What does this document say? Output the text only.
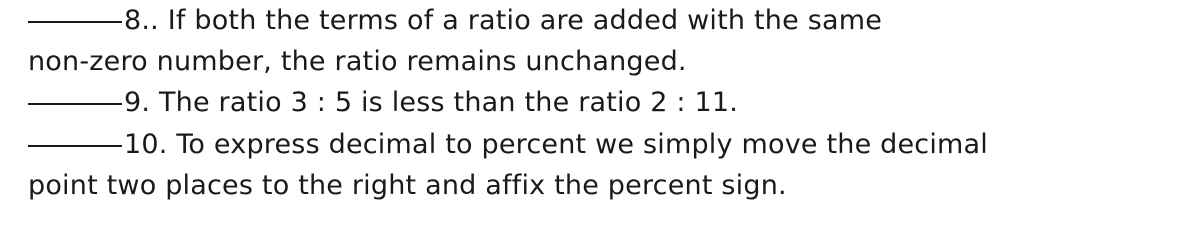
8.. If both the terms of a ratio are added with the same
non-zero number, the ratio remains unchanged.
9. The ratio 3 : 5 is less than the ratio 2 : 11.
10. To express decimal to percent we simply move the decimal
point two places to the right and affix the percent sign.
